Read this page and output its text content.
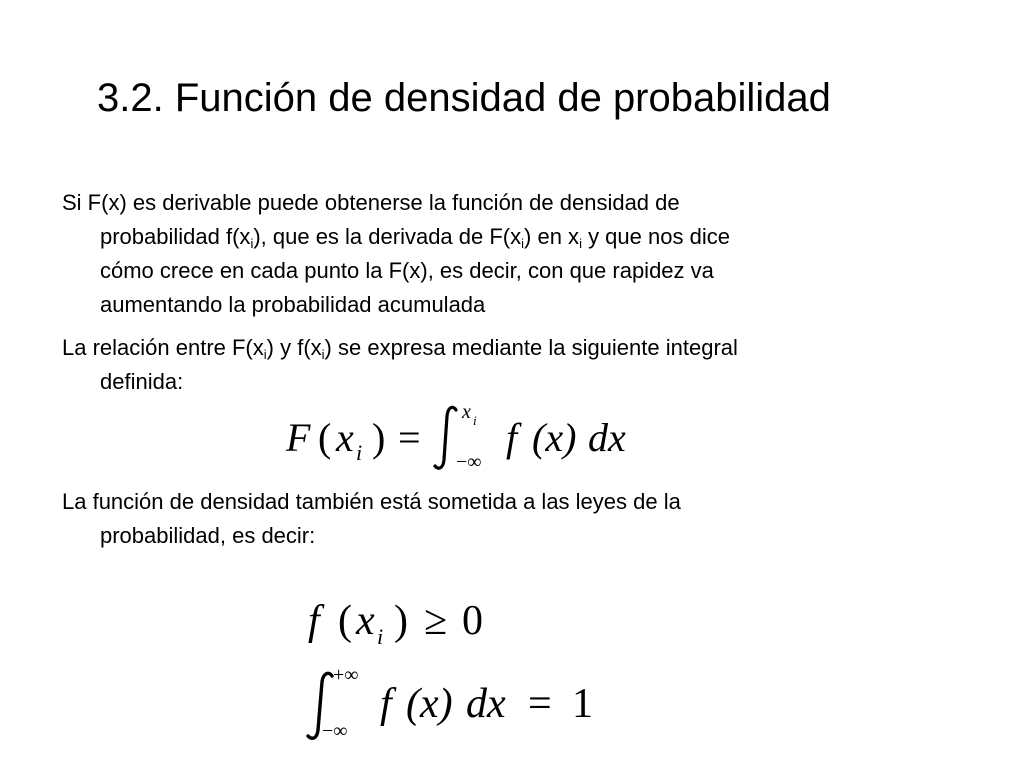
3.2. Función de densidad de probabilidad

Si F(x) es derivable puede obtenerse la función de densidad de
probabilidad $f(x_i)$, que es la derivada de $F(x_i)$ en $x_i$ y que nos dice
cómo crece en cada punto la F(x), es decir, con que rapidez va
aumentando la probabilidad acumulada

La relación entre $F(x_i)$ y $f(x_i)$ se expresa mediante la siguiente integral
definida:

F ( x i ) =
x i
−∞
f (x) dx

La función de densidad también está sometida a las leyes de la
probabilidad, es decir:

f ( x i ) ≥ 0
+∞
−∞
f (x) dx = 1
